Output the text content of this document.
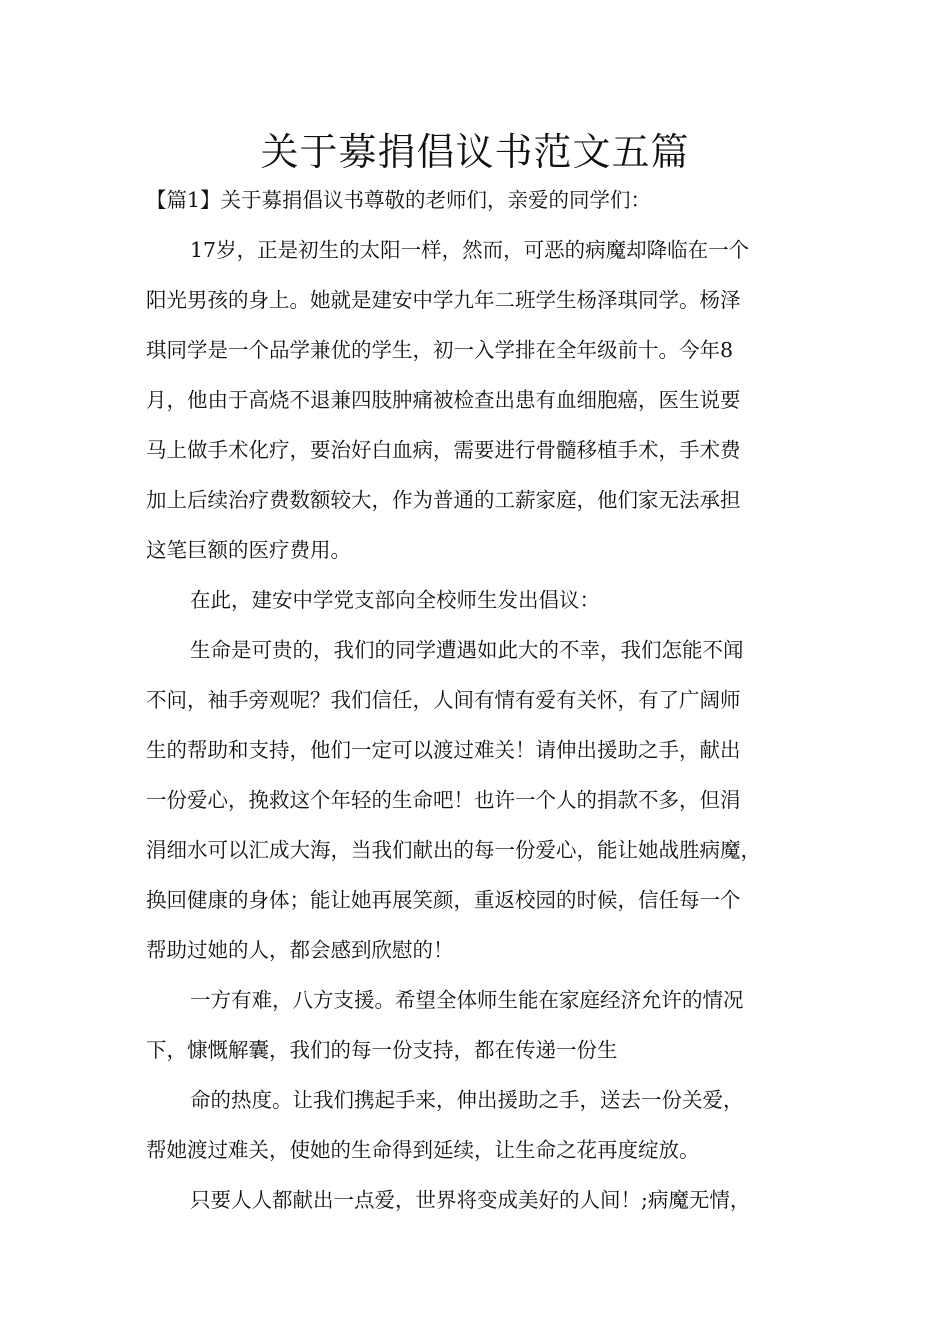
关于募捐倡议书范文五篇

【篇1】关于募捐倡议书尊敬的老师们，亲爱的同学们：

17岁，正是初生的太阳一样，然而，可恶的病魔却降临在一个

阳光男孩的身上。她就是建安中学九年二班学生杨泽琪同学。杨泽

琪同学是一个品学兼优的学生，初一入学排在全年级前十。今年8

月，他由于高烧不退兼四肢肿痛被检查出患有血细胞癌，医生说要

马上做手术化疗，要治好白血病，需要进行骨髓移植手术，手术费

加上后续治疗费数额较大，作为普通的工薪家庭，他们家无法承担

这笔巨额的医疗费用。

在此，建安中学党支部向全校师生发出倡议：

生命是可贵的，我们的同学遭遇如此大的不幸，我们怎能不闻

不问，袖手旁观呢？我们信任，人间有情有爱有关怀，有了广阔师

生的帮助和支持，他们一定可以渡过难关！请伸出援助之手，献出

一份爱心，挽救这个年轻的生命吧！也许一个人的捐款不多，但涓

涓细水可以汇成大海，当我们献出的每一份爱心，能让她战胜病魔，

换回健康的身体；能让她再展笑颜，重返校园的时候，信任每一个

帮助过她的人，都会感到欣慰的！

一方有难，八方支援。希望全体师生能在家庭经济允许的情况

下，慷慨解囊，我们的每一份支持，都在传递一份生

命的热度。让我们携起手来，伸出援助之手，送去一份关爱，

帮她渡过难关，使她的生命得到延续，让生命之花再度绽放。

只要人人都献出一点爱，世界将变成美好的人间！;病魔无情，
